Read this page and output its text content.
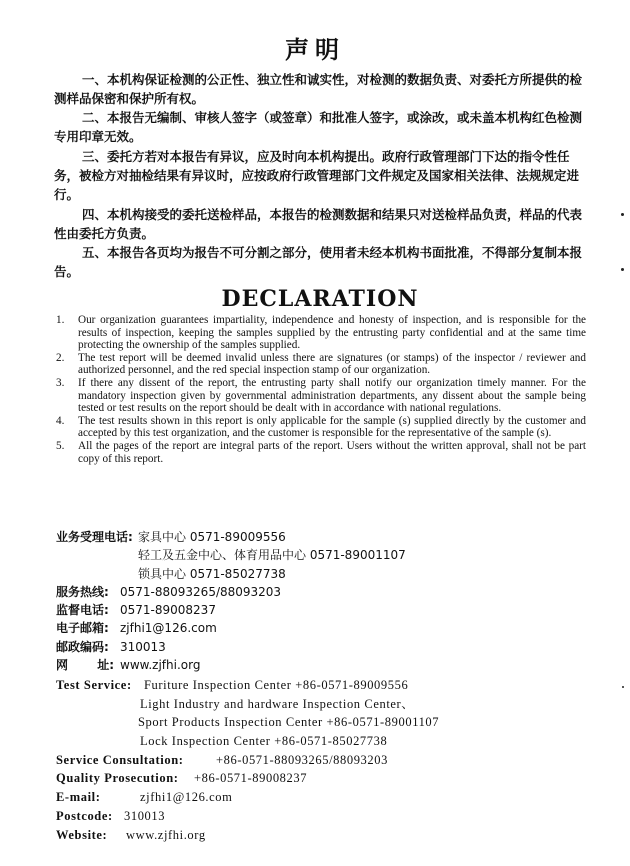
声明

一、本机构保证检测的公正性、独立性和诚实性，对检测的数据负责、对委托方所提供的检测样品保密和保护所有权。

二、本报告无编制、审核人签字（或签章）和批准人签字，或涂改，或未盖本机构红色检测专用印章无效。

三、委托方若对本报告有异议，应及时向本机构提出。政府行政管理部门下达的指令性任务，被检方对抽检结果有异议时，应按政府行政管理部门文件规定及国家相关法律、法规规定进行。

四、本机构接受的委托送检样品，本报告的检测数据和结果只对送检样品负责，样品的代表性由委托方负责。

五、本报告各页均为报告不可分割之部分，使用者未经本机构书面批准，不得部分复制本报告。

DECLARATION
1. Our organization guarantees impartiality, independence and honesty of inspection, and is responsible for the results of inspection, keeping the samples supplied by the entrusting party confidential and at the same time protecting the ownership of the samples supplied.
2. The test report will be deemed invalid unless there are signatures (or stamps) of the inspector / reviewer and authorized personnel, and the red special inspection stamp of our organization.
3. If there any dissent of the report, the entrusting party shall notify our organization timely manner. For the mandatory inspection given by governmental administration departments, any dissent about the sample being tested or test results on the report should be dealt with in accordance with national regulations.
4. The test results shown in this report is only applicable for the sample (s) supplied directly by the customer and accepted by this test organization, and the customer is responsible for the representative of the sample (s).
5. All the pages of the report are integral parts of the report. Users without the written approval, shall not be part copy of this report.
业务受理电话: 家具中心 0571-89009556
轻工及五金中心、体育用品中心 0571-89001107
锁具中心 0571-85027738
服务热线: 0571-88093265/88093203
监督电话: 0571-89008237
电子邮箱: zjfhi1@126.com
邮政编码: 310013
网       址: www.zjfhi.org
Test Service: Furiture Inspection Center +86-0571-89009556
Light Industry and hardware Inspection Center、
Sport Products Inspection Center +86-0571-89001107
Lock Inspection Center +86-0571-85027738
Service Consultation:	+86-0571-88093265/88093203
Quality Prosecution: +86-0571-89008237
E-mail:	zjfhi1@126.com
Postcode: 310013
Website: www.zjfhi.org
